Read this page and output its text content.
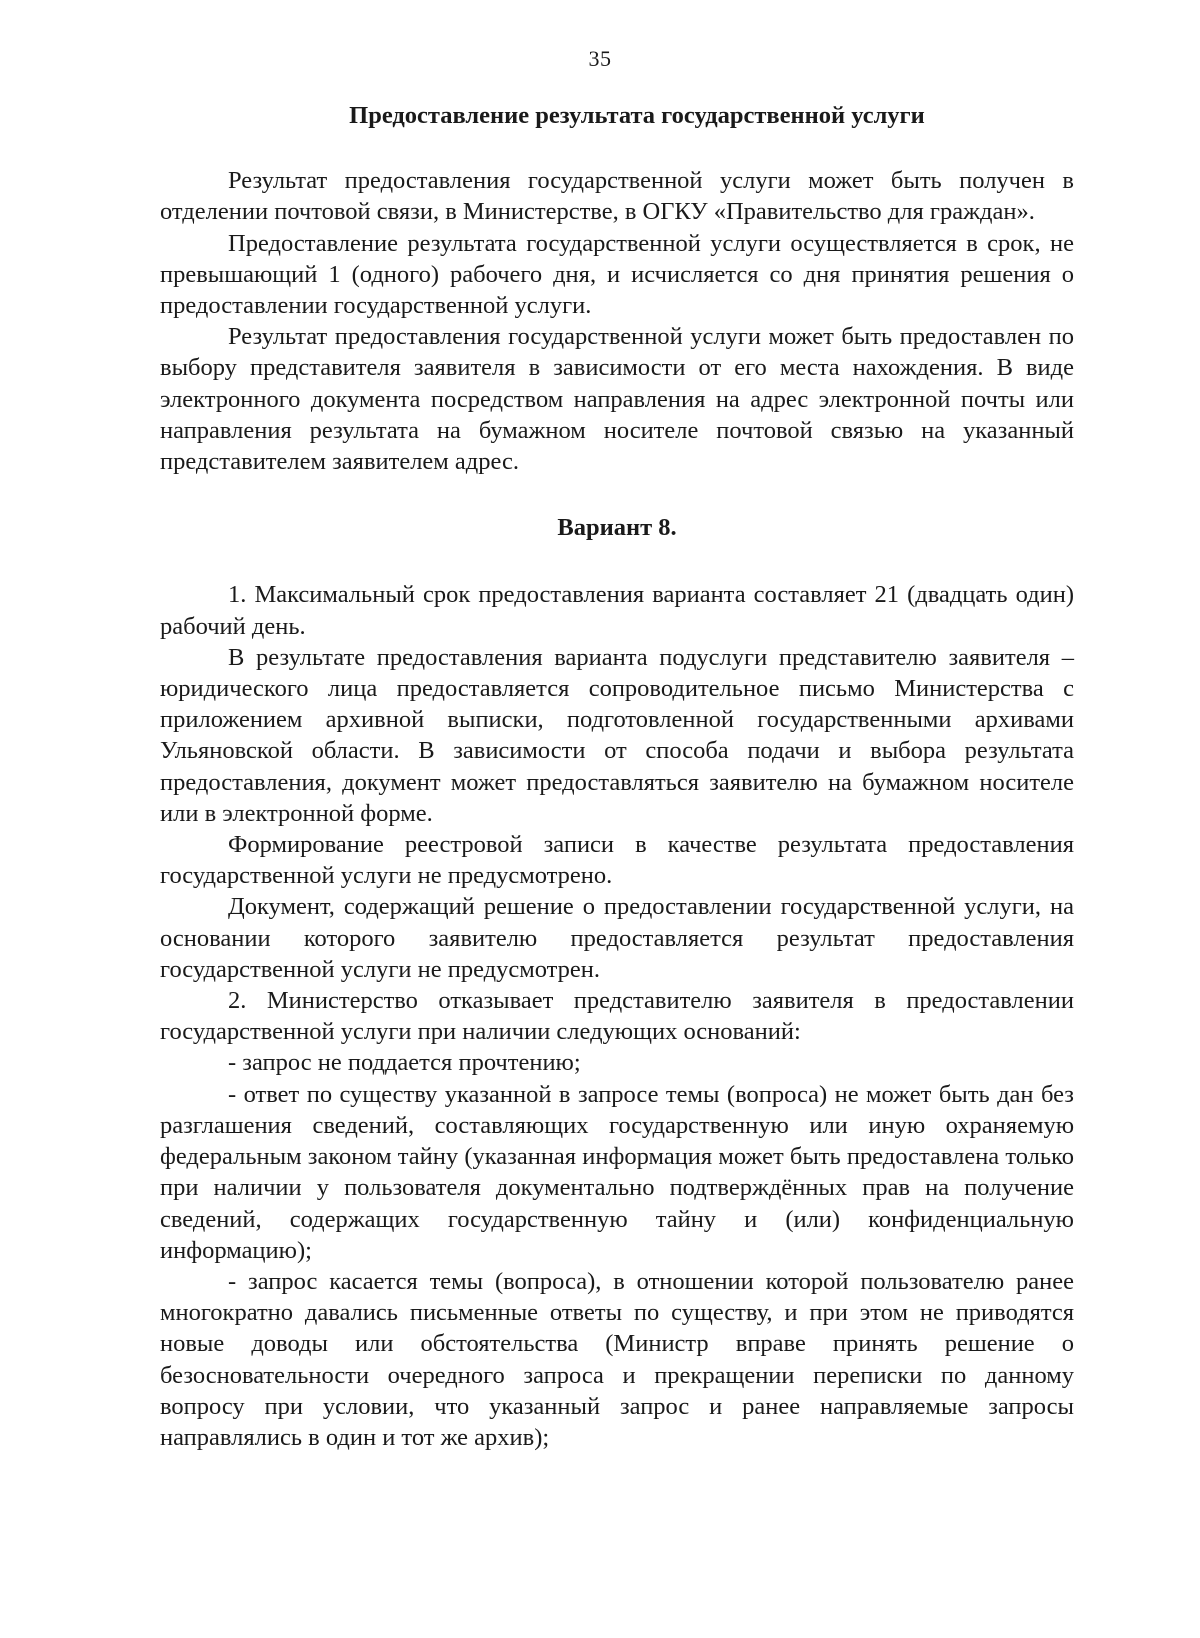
35

Предоставление результата государственной услуги

Результат предоставления государственной услуги может быть получен в отделении почтовой связи, в Министерстве, в ОГКУ «Правительство для граждан».

Предоставление результата государственной услуги осуществляется в срок, не превышающий 1 (одного) рабочего дня, и исчисляется со дня принятия решения о предоставлении государственной услуги.

Результат предоставления государственной услуги может быть предоставлен по выбору представителя заявителя в зависимости от его места нахождения. В виде электронного документа посредством направления на адрес электронной почты или направления результата на бумажном носителе почтовой связью на указанный представителем заявителем адрес.

Вариант 8.

1. Максимальный срок предоставления варианта составляет 21 (двадцать один) рабочий день.

В результате предоставления варианта подуслуги представителю заявителя – юридического лица предоставляется сопроводительное письмо Министерства с приложением архивной выписки, подготовленной государственными архивами Ульяновской области. В зависимости от способа подачи и выбора результата предоставления, документ может предоставляться заявителю на бумажном носителе или в электронной форме.

Формирование реестровой записи в качестве результата предоставления государственной услуги не предусмотрено.

Документ, содержащий решение о предоставлении государственной услуги, на основании которого заявителю предоставляется результат предоставления государственной услуги не предусмотрен.

2. Министерство отказывает представителю заявителя в предоставлении государственной услуги при наличии следующих оснований:

- запрос не поддается прочтению;

- ответ по существу указанной в запросе темы (вопроса) не может быть дан без разглашения сведений, составляющих государственную или иную охраняемую федеральным законом тайну (указанная информация может быть предоставлена только при наличии у пользователя документально подтверждённых прав на получение сведений, содержащих государственную тайну и (или) конфиденциальную информацию);

- запрос касается темы (вопроса), в отношении которой пользователю ранее многократно давались письменные ответы по существу, и при этом не приводятся новые доводы или обстоятельства (Министр вправе принять решение о безосновательности очередного запроса и прекращении переписки по данному вопросу при условии, что указанный запрос и ранее направляемые запросы направлялись в один и тот же архив);
